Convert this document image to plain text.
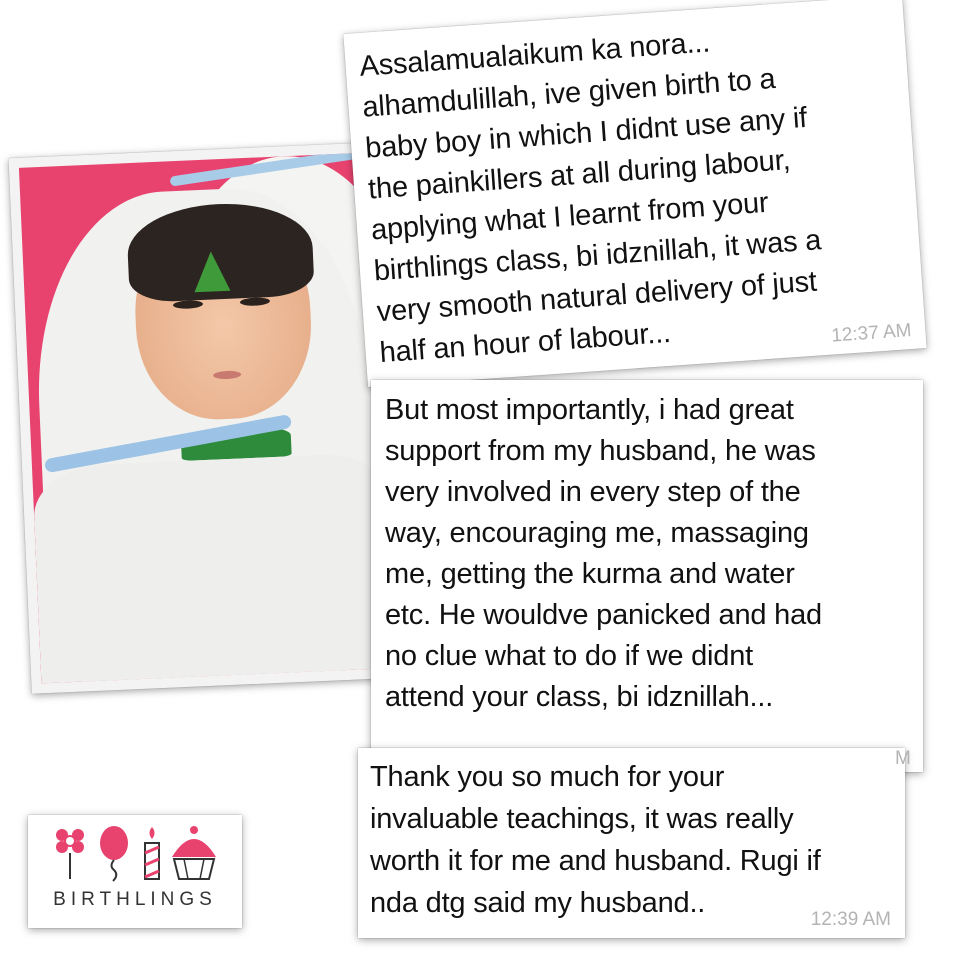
Assalamualaikum ka nora...
alhamdulillah, ive given birth to a
baby boy in which I didnt use any if
the painkillers at all during labour,
applying what I learnt from your
birthlings class, bi idznillah, it was a
very smooth natural delivery of just
half an hour of labour...	12:37 AM
But most importantly, i had great
support from my husband, he was
very involved in every step of the
way, encouraging me, massaging
me, getting the kurma and water
etc. He wouldve panicked and had
no clue what to do if we didnt
attend your class, bi idznillah...
Thank you so much for your
invaluable teachings, it was really
worth it for me and husband. Rugi if
nda dtg said my husband..
12:39 AM
M
BIRTHLINGS
